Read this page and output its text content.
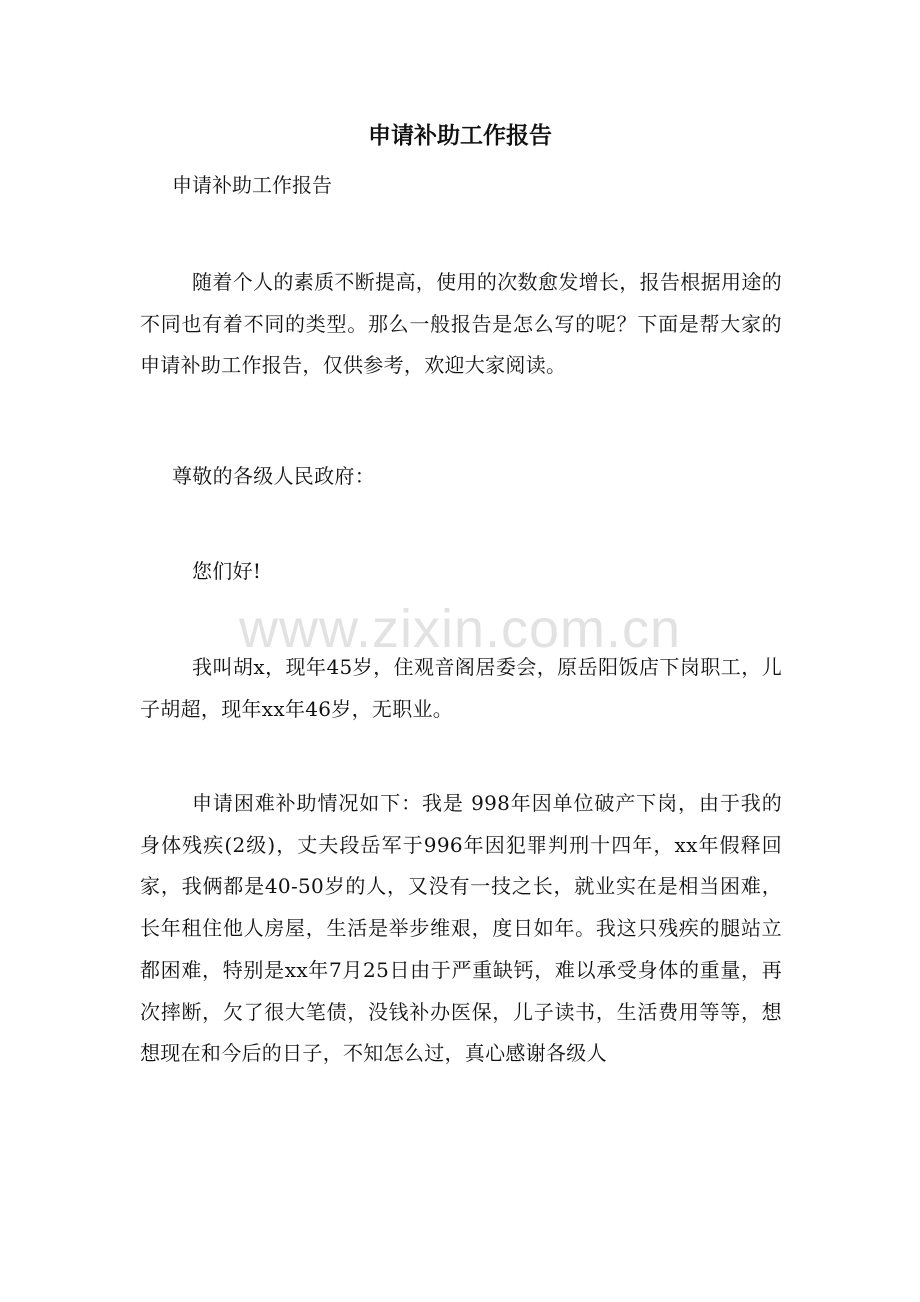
申请补助工作报告

申请补助工作报告

随着个人的素质不断提高，使用的次数愈发增长，报告根据用途的不同也有着不同的类型。那么一般报告是怎么写的呢？下面是帮大家的申请补助工作报告，仅供参考，欢迎大家阅读。

尊敬的各级人民政府：

您们好!

我叫胡x，现年45岁，住观音阁居委会，原岳阳饭店下岗职工，儿子胡超，现年xx年46岁，无职业。

申请困难补助情况如下：我是 998年因单位破产下岗，由于我的身体残疾(2级)，丈夫段岳军于996年因犯罪判刑十四年，xx年假释回家，我俩都是40-50岁的人，又没有一技之长，就业实在是相当困难，长年租住他人房屋，生活是举步维艰，度日如年。我这只残疾的腿站立都困难，特别是xx年7月25日由于严重缺钙，难以承受身体的重量，再次摔断，欠了很大笔债，没钱补办医保，儿子读书，生活费用等等，想想现在和今后的日子，不知怎么过，真心感谢各级人

www.zixin.com.cn
